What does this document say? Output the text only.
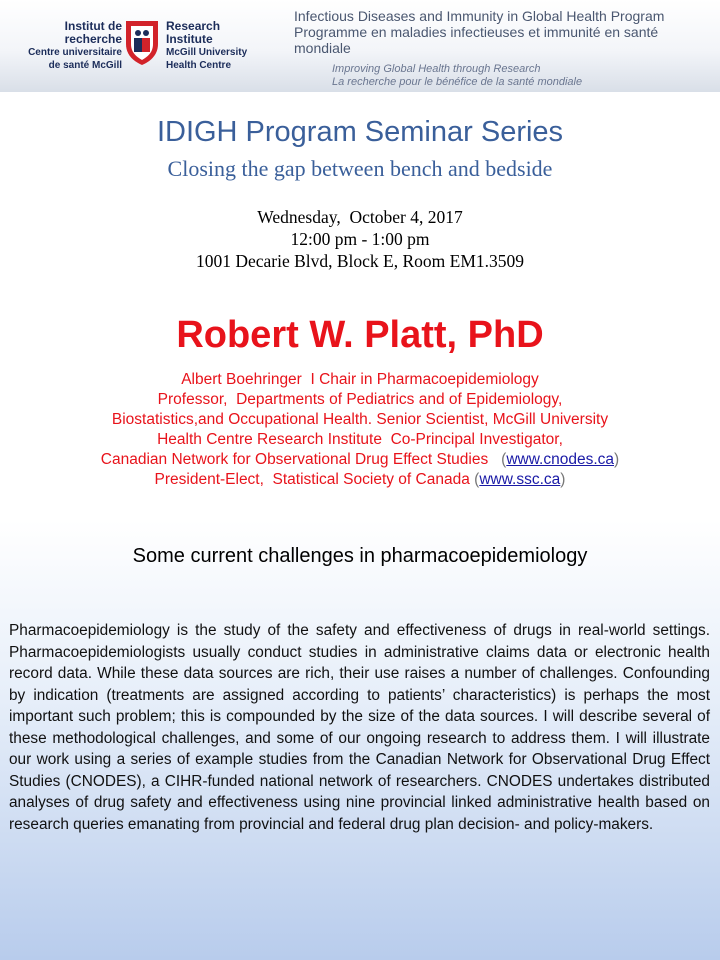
Institut de
recherche
Centre universitaire
de santé McGill
Research
Institute
McGill University
Health Centre
Infectious Diseases and Immunity in Global Health Program
Programme en maladies infectieuses et immunité en santé mondiale
Improving Global Health through Research
La recherche pour le bénéfice de la santé mondiale
IDIGH Program Seminar Series
Closing the gap between bench and bedside
Wednesday,  October 4, 2017
12:00 pm - 1:00 pm
1001 Decarie Blvd, Block E, Room EM1.3509
Robert W. Platt, PhD
Albert Boehringer  I Chair in Pharmacoepidemiology
Professor,  Departments of Pediatrics and of Epidemiology,
Biostatistics,and Occupational Health. Senior Scientist, McGill University
Health Centre Research Institute  Co-Principal Investigator,
Canadian Network for Observational Drug Effect Studies (www.cnodes.ca)
President-Elect,  Statistical Society of Canada (www.ssc.ca)
Some current challenges in pharmacoepidemiology
Pharmacoepidemiology is the study of the safety and effectiveness of drugs in real-world settings. Pharmacoepidemiologists usually conduct studies in administrative claims data or electronic health record data. While these data sources are rich, their use raises a number of challenges. Confounding by indication (treatments are assigned according to patients’ characteristics) is perhaps the most important such problem; this is compounded by the size of the data sources. I will describe several of these methodological challenges, and some of our ongoing research to address them. I will illustrate our work using a series of example studies from the Canadian Network for Observational Drug Effect Studies (CNODES), a CIHR-funded national network of researchers. CNODES undertakes distributed analyses of drug safety and effectiveness using nine provincial linked administrative health based on research queries emanating from provincial and federal drug plan decision- and policy-makers.
